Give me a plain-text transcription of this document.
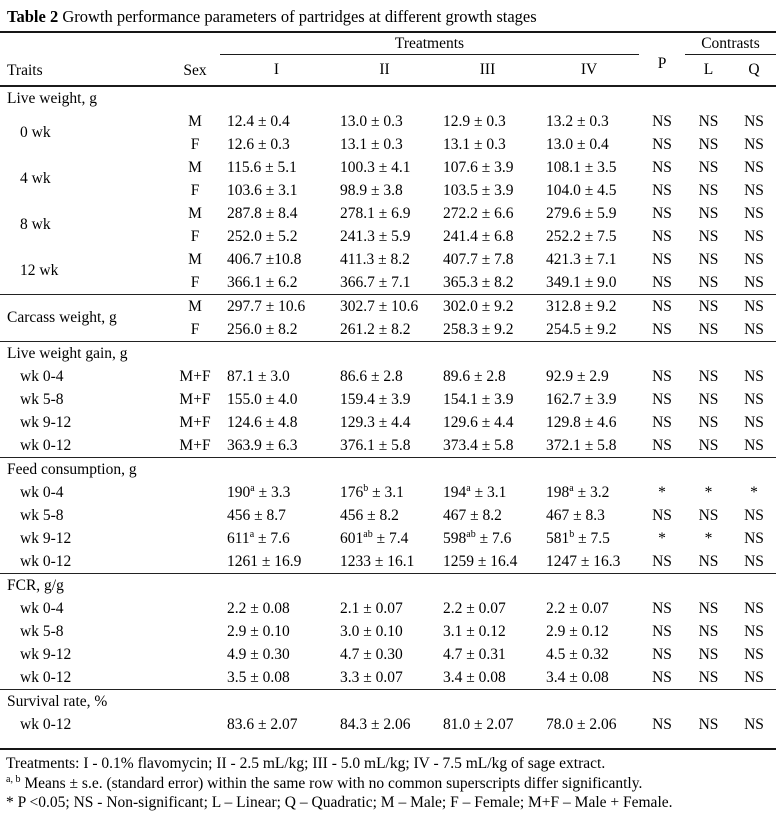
Table 2 Growth performance parameters of partridges at different growth stages
Traits	Sex	Treatments				P	Contrasts	
		I	II	III	IV		L	Q
Live weight, g								
0 wk	M	12.4 ± 0.4	13.0 ± 0.3	12.9 ± 0.3	13.2 ± 0.3	NS	NS	NS
	F	12.6 ± 0.3	13.1 ± 0.3	13.1 ± 0.3	13.0 ± 0.4	NS	NS	NS
4 wk	M	115.6 ± 5.1	100.3 ± 4.1	107.6 ± 3.9	108.1 ± 3.5	NS	NS	NS
	F	103.6 ± 3.1	98.9 ± 3.8	103.5 ± 3.9	104.0 ± 4.5	NS	NS	NS
8 wk	M	287.8 ± 8.4	278.1 ± 6.9	272.2 ± 6.6	279.6 ± 5.9	NS	NS	NS
	F	252.0 ± 5.2	241.3 ± 5.9	241.4 ± 6.8	252.2 ± 7.5	NS	NS	NS
12 wk	M	406.7 ±10.8	411.3 ± 8.2	407.7 ± 7.8	421.3 ± 7.1	NS	NS	NS
	F	366.1 ± 6.2	366.7 ± 7.1	365.3 ± 8.2	349.1 ± 9.0	NS	NS	NS
Carcass weight, g	M	297.7 ± 10.6	302.7 ± 10.6	302.0 ± 9.2	312.8 ± 9.2	NS	NS	NS
	F	256.0 ± 8.2	261.2 ± 8.2	258.3 ± 9.2	254.5 ± 9.2	NS	NS	NS
Live weight gain, g								
wk 0-4	M+F	87.1 ± 3.0	86.6 ± 2.8	89.6 ± 2.8	92.9 ± 2.9	NS	NS	NS
wk 5-8	M+F	155.0 ± 4.0	159.4 ± 3.9	154.1 ± 3.9	162.7 ± 3.9	NS	NS	NS
wk 9-12	M+F	124.6 ± 4.8	129.3 ± 4.4	129.6 ± 4.4	129.8 ± 4.6	NS	NS	NS
wk 0-12	M+F	363.9 ± 6.3	376.1 ± 5.8	373.4 ± 5.8	372.1 ± 5.8	NS	NS	NS
Feed consumption, g								
wk 0-4		$190^a \pm 3.3$	$176^b \pm 3.1$	$194^a \pm 3.1$	$198^a \pm 3.2$	*	*	*
wk 5-8		456 ± 8.7	456 ± 8.2	467 ± 8.2	467 ± 8.3	NS	NS	NS
wk 9-12		$611^a \pm 7.6$	$601^{ab} \pm 7.4$	$598^{ab} \pm 7.6$	$581^b \pm 7.5$	*	*	NS
wk 0-12		1261 ± 16.9	1233 ± 16.1	1259 ± 16.4	1247 ± 16.3	NS	NS	NS
FCR, g/g								
wk 0-4		2.2 ± 0.08	2.1 ± 0.07	2.2 ± 0.07	2.2 ± 0.07	NS	NS	NS
wk 5-8		2.9 ± 0.10	3.0 ± 0.10	3.1 ± 0.12	2.9 ± 0.12	NS	NS	NS
wk 9-12		4.9 ± 0.30	4.7 ± 0.30	4.7 ± 0.31	4.5 ± 0.32	NS	NS	NS
wk 0-12		3.5 ± 0.08	3.3 ± 0.07	3.4 ± 0.08	3.4 ± 0.08	NS	NS	NS
Survival rate, %								
wk 0-12		83.6 ± 2.07	84.3 ± 2.06	81.0 ± 2.07	78.0 ± 2.06	NS	NS	NS
Treatments: I - 0.1% flavomycin; II - 2.5 mL/kg; III - 5.0 mL/kg; IV - 7.5 mL/kg of sage extract.
$^{a, b}$ Means ± s.e. (standard error) within the same row with no common superscripts differ significantly.
* P <0.05; NS - Non-significant; L – Linear; Q – Quadratic; M – Male; F – Female; M+F – Male + Female.
